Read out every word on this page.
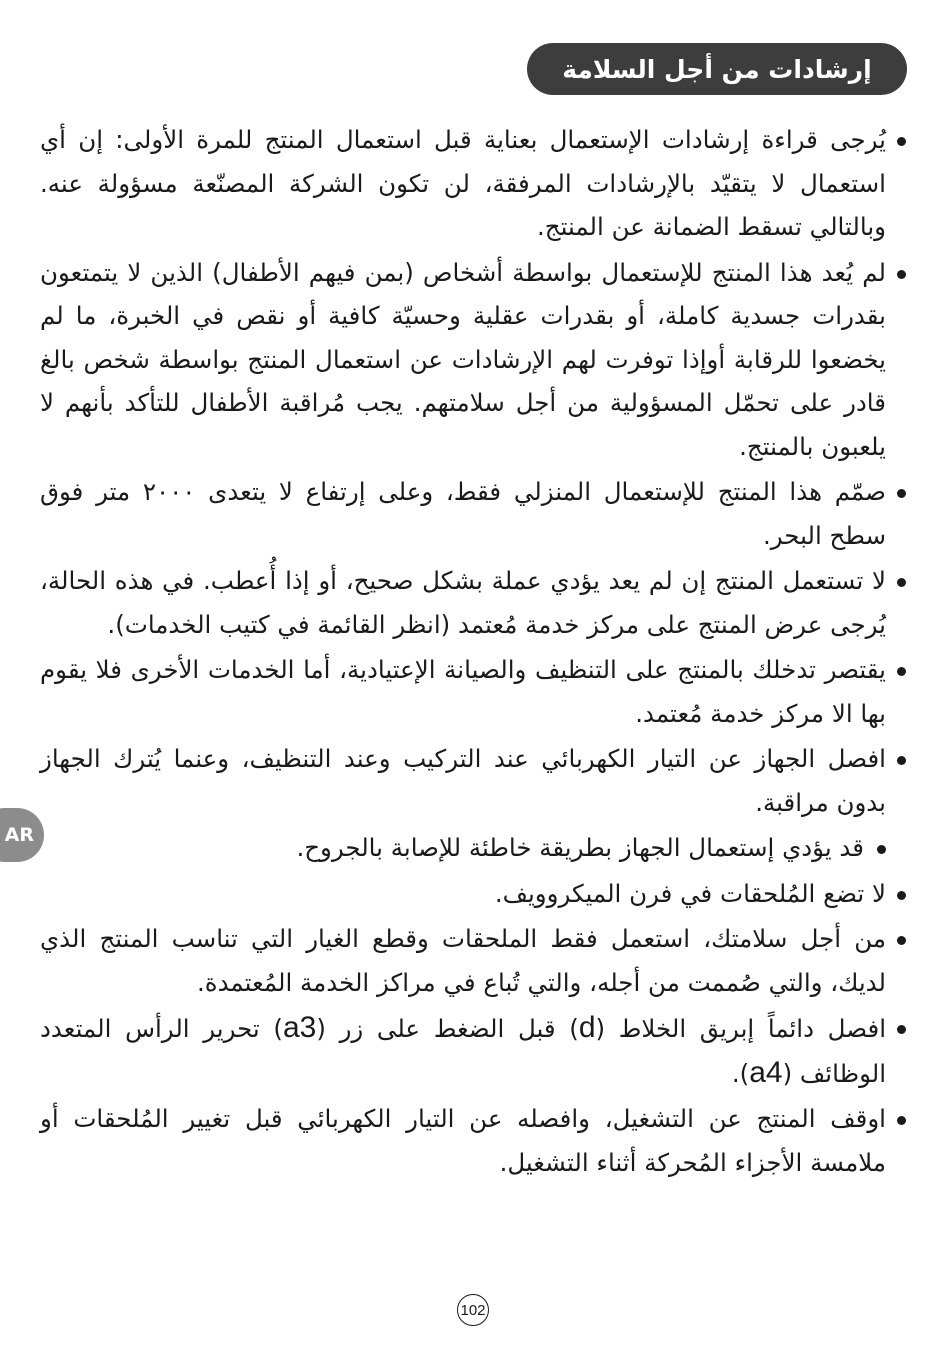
إرشادات من أجل السلامة
AR
يُرجى قراءة إرشادات الإستعمال بعناية قبل استعمال المنتج للمرة الأولى: إن أي استعمال لا يتقيّد بالإرشادات المرفقة، لن تكون الشركة المصنّعة مسؤولة عنه. وبالتالي تسقط الضمانة عن المنتج.
لم يُعد هذا المنتج للإستعمال بواسطة أشخاص (بمن فيهم الأطفال) الذين لا يتمتعون بقدرات جسدية كاملة، أو بقدرات عقلية وحسيّة كافية أو نقص في الخبرة، ما لم يخضعوا للرقابة أوإذا توفرت لهم الإرشادات عن استعمال المنتج بواسطة شخص بالغ قادر على تحمّل المسؤولية من أجل سلامتهم. يجب مُراقبة الأطفال للتأكد بأنهم لا يلعبون بالمنتج.
صمّم هذا المنتج للإستعمال المنزلي فقط، وعلى إرتفاع لا يتعدى ٢٠٠٠ متر فوق سطح البحر.
لا تستعمل المنتج إن لم يعد يؤدي عملة بشكل صحيح، أو إذا أُعطب. في هذه الحالة، يُرجى عرض المنتج على مركز خدمة مُعتمد (انظر القائمة في كتيب الخدمات).
يقتصر تدخلك بالمنتج على التنظيف والصيانة الإعتيادية، أما الخدمات الأخرى فلا يقوم بها الا مركز خدمة مُعتمد.
افصل الجهاز عن التيار الكهربائي عند التركيب وعند التنظيف، وعنما يُترك الجهاز بدون مراقبة.
قد يؤدي إستعمال الجهاز بطريقة خاطئة للإصابة بالجروح.
لا تضع المُلحقات في فرن الميكروويف.
من أجل سلامتك، استعمل فقط الملحقات وقطع الغيار التي تناسب المنتج الذي لديك، والتي صُممت من أجله، والتي تُباع في مراكز الخدمة المُعتمدة.
افصل دائماً إبريق الخلاط (d) قبل الضغط على زر (a3) تحرير الرأس المتعدد الوظائف (a4).
اوقف المنتج عن التشغيل، وافصله عن التيار الكهربائي قبل تغيير المُلحقات أو ملامسة الأجزاء المُحركة أثناء التشغيل.
102
